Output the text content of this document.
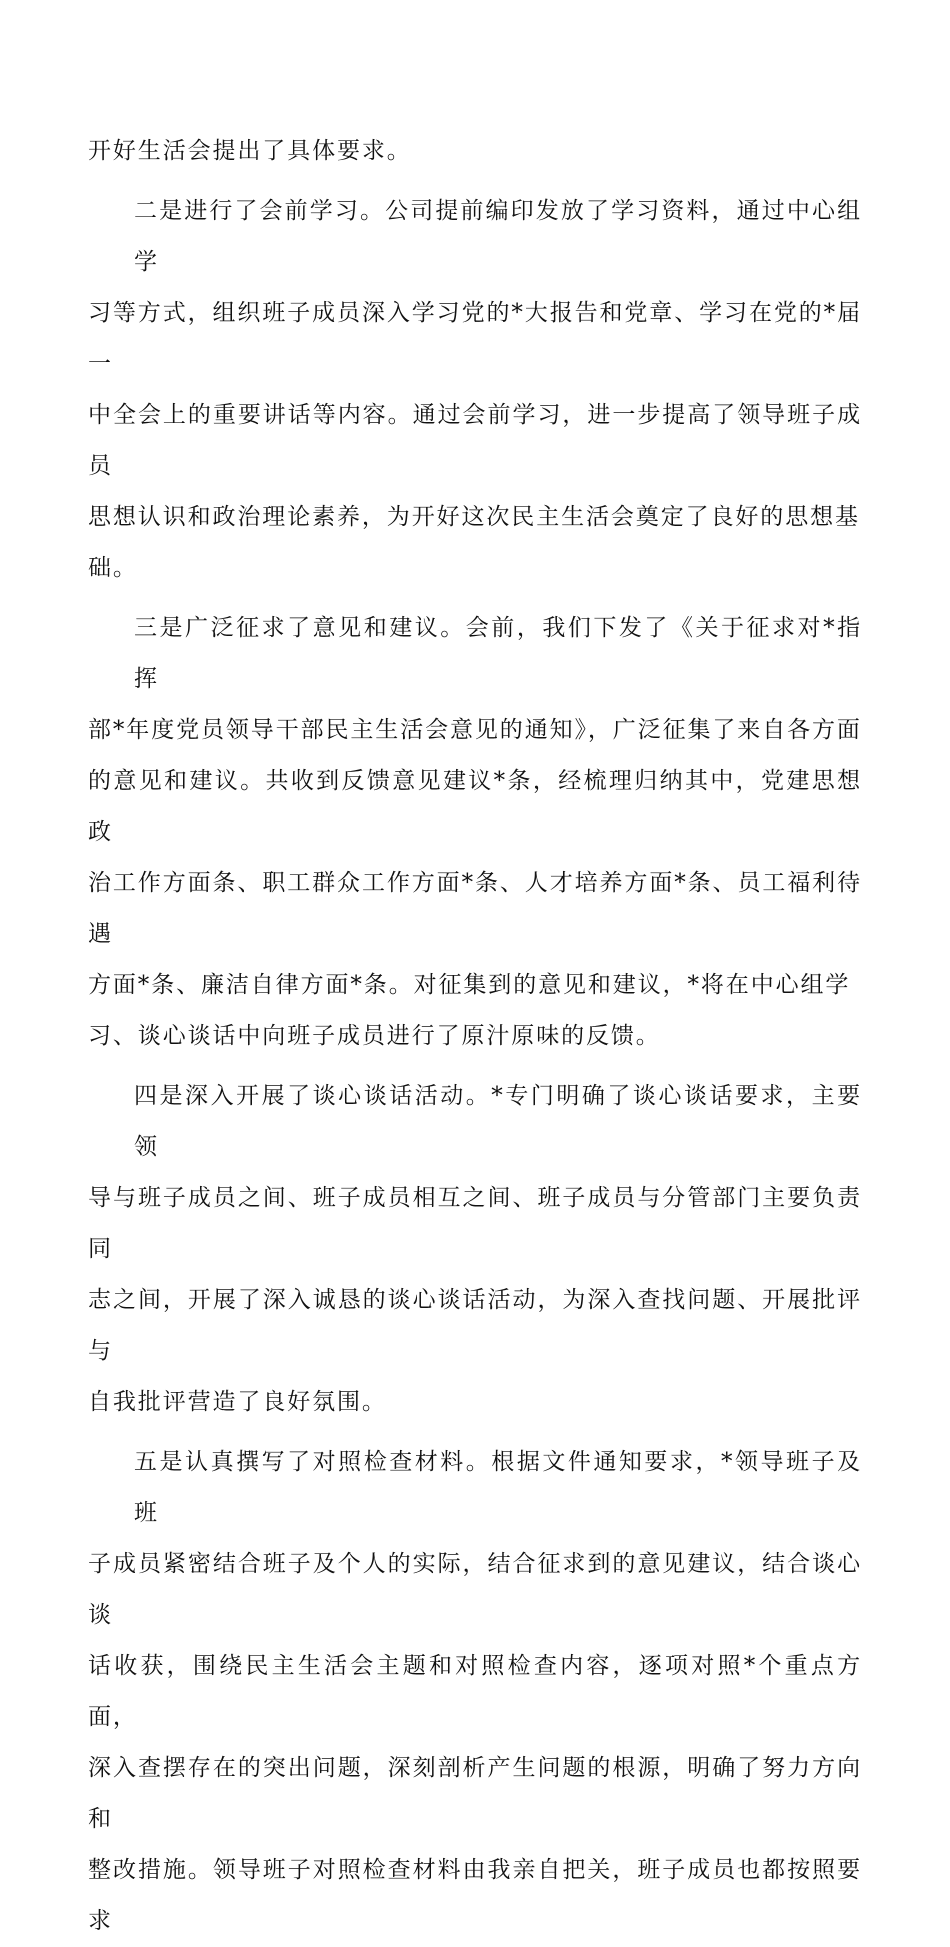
开好生活会提出了具体要求。
二是进行了会前学习。公司提前编印发放了学习资料，通过中心组学
习等方式，组织班子成员深入学习党的*大报告和党章、学习在党的*届一
中全会上的重要讲话等内容。通过会前学习，进一步提高了领导班子成员
思想认识和政治理论素养，为开好这次民主生活会奠定了良好的思想基
础。
三是广泛征求了意见和建议。会前，我们下发了《关于征求对*指挥
部*年度党员领导干部民主生活会意见的通知》，广泛征集了来自各方面
的意见和建议。共收到反馈意见建议*条，经梳理归纳其中，党建思想政
治工作方面条、职工群众工作方面*条、人才培养方面*条、员工福利待遇
方面*条、廉洁自律方面*条。对征集到的意见和建议，*将在中心组学
习、谈心谈话中向班子成员进行了原汁原味的反馈。
四是深入开展了谈心谈话活动。*专门明确了谈心谈话要求，主要领
导与班子成员之间、班子成员相互之间、班子成员与分管部门主要负责同
志之间，开展了深入诚恳的谈心谈话活动，为深入查找问题、开展批评与
自我批评营造了良好氛围。
五是认真撰写了对照检查材料。根据文件通知要求，*领导班子及班
子成员紧密结合班子及个人的实际，结合征求到的意见建议，结合谈心谈
话收获，围绕民主生活会主题和对照检查内容，逐项对照*个重点方面，
深入查摆存在的突出问题，深刻剖析产生问题的根源，明确了努力方向和
整改措施。领导班子对照检查材料由我亲自把关，班子成员也都按照要求
